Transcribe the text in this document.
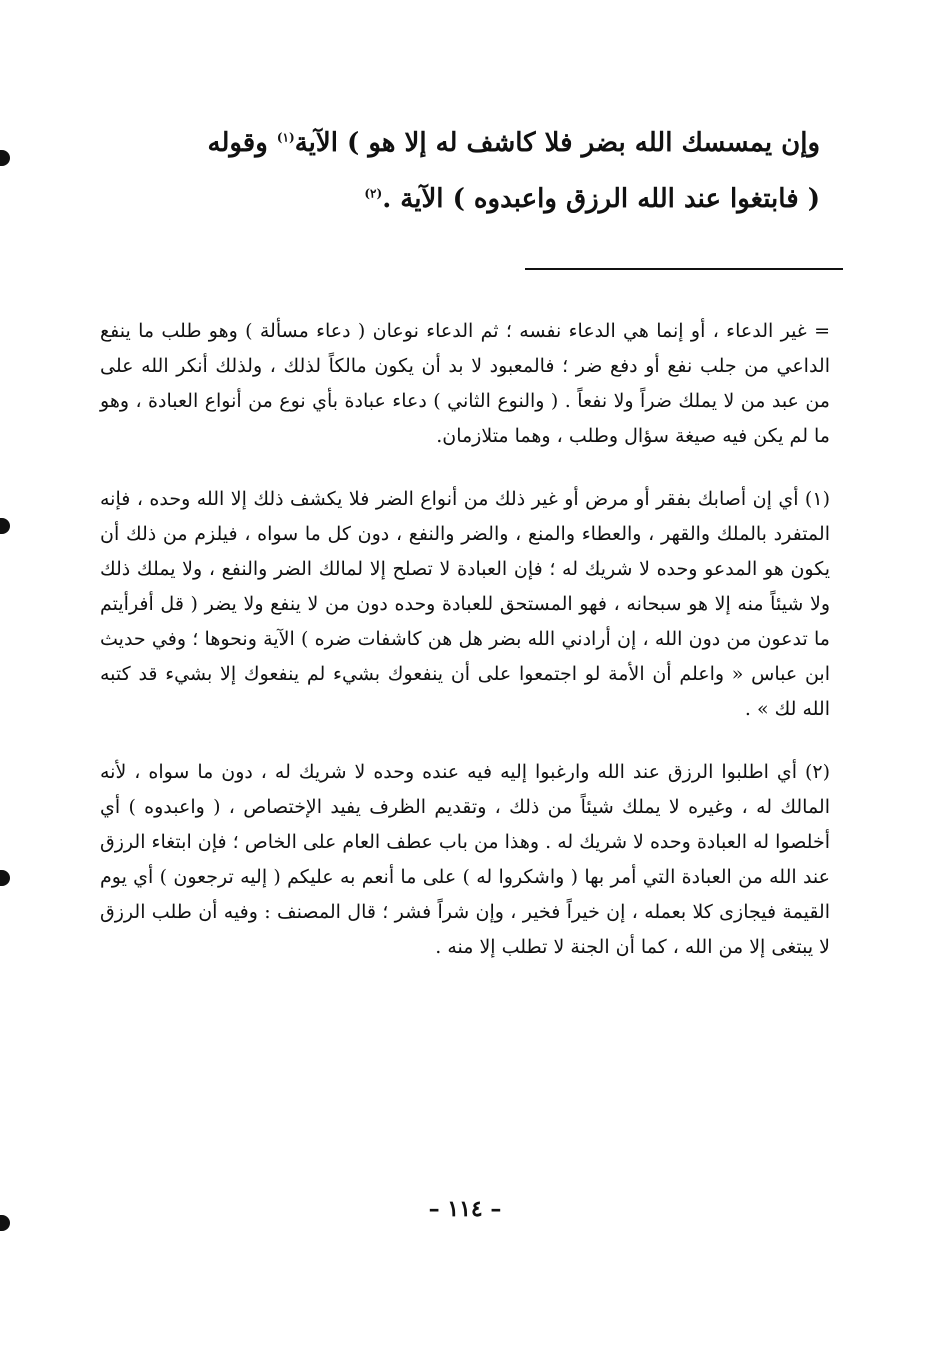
وإن يمسسك الله بضر فلا كاشف له إلا هو ) الآية$^{(١)}$ وقوله

( فابتغوا عند الله الرزق واعبدوه ) الآية .$^{(٢)}$

= غير الدعاء ، أو إنما هي الدعاء نفسه ؛ ثم الدعاء نوعان ( دعاء مسألة ) وهو طلب ما ينفع الداعي من جلب نفع أو دفع ضر ؛ فالمعبود لا بد أن يكون مالكاً لذلك ، ولذلك أنكر الله على من عبد من لا يملك ضراً ولا نفعاً . ( والنوع الثاني ) دعاء عبادة بأي نوع من أنواع العبادة ، وهو ما لم يكن فيه صيغة سؤال وطلب ، وهما متلازمان.

(١) أي إن أصابك بفقر أو مرض أو غير ذلك من أنواع الضر فلا يكشف ذلك إلا الله وحده ، فإنه المتفرد بالملك والقهر ، والعطاء والمنع ، والضر والنفع ، دون كل ما سواه ، فيلزم من ذلك أن يكون هو المدعو وحده لا شريك له ؛ فإن العبادة لا تصلح إلا لمالك الضر والنفع ، ولا يملك ذلك ولا شيئاً منه إلا هو سبحانه ، فهو المستحق للعبادة وحده دون من لا ينفع ولا يضر ( قل أفرأيتم ما تدعون من دون الله ، إن أرادني الله بضر هل هن كاشفات ضره ) الآية ونحوها ؛ وفي حديث ابن عباس « واعلم أن الأمة لو اجتمعوا على أن ينفعوك بشيء لم ينفعوك إلا بشيء قد كتبه الله لك » .

(٢) أي اطلبوا الرزق عند الله وارغبوا إليه فيه عنده وحده لا شريك له ، دون ما سواه ، لأنه المالك له ، وغيره لا يملك شيئاً من ذلك ، وتقديم الظرف يفيد الإختصاص ، ( واعبدوه ) أي أخلصوا له العبادة وحده لا شريك له . وهذا من باب عطف العام على الخاص ؛ فإن ابتغاء الرزق عند الله من العبادة التي أمر بها ( واشكروا له ) على ما أنعم به عليكم ( إليه ترجعون ) أي يوم القيمة فيجازى كلا بعمله ، إن خيراً فخير ، وإن شراً فشر ؛ قال المصنف : وفيه أن طلب الرزق لا يبتغى إلا من الله ، كما أن الجنة لا تطلب إلا منه .

– ١١٤ –
